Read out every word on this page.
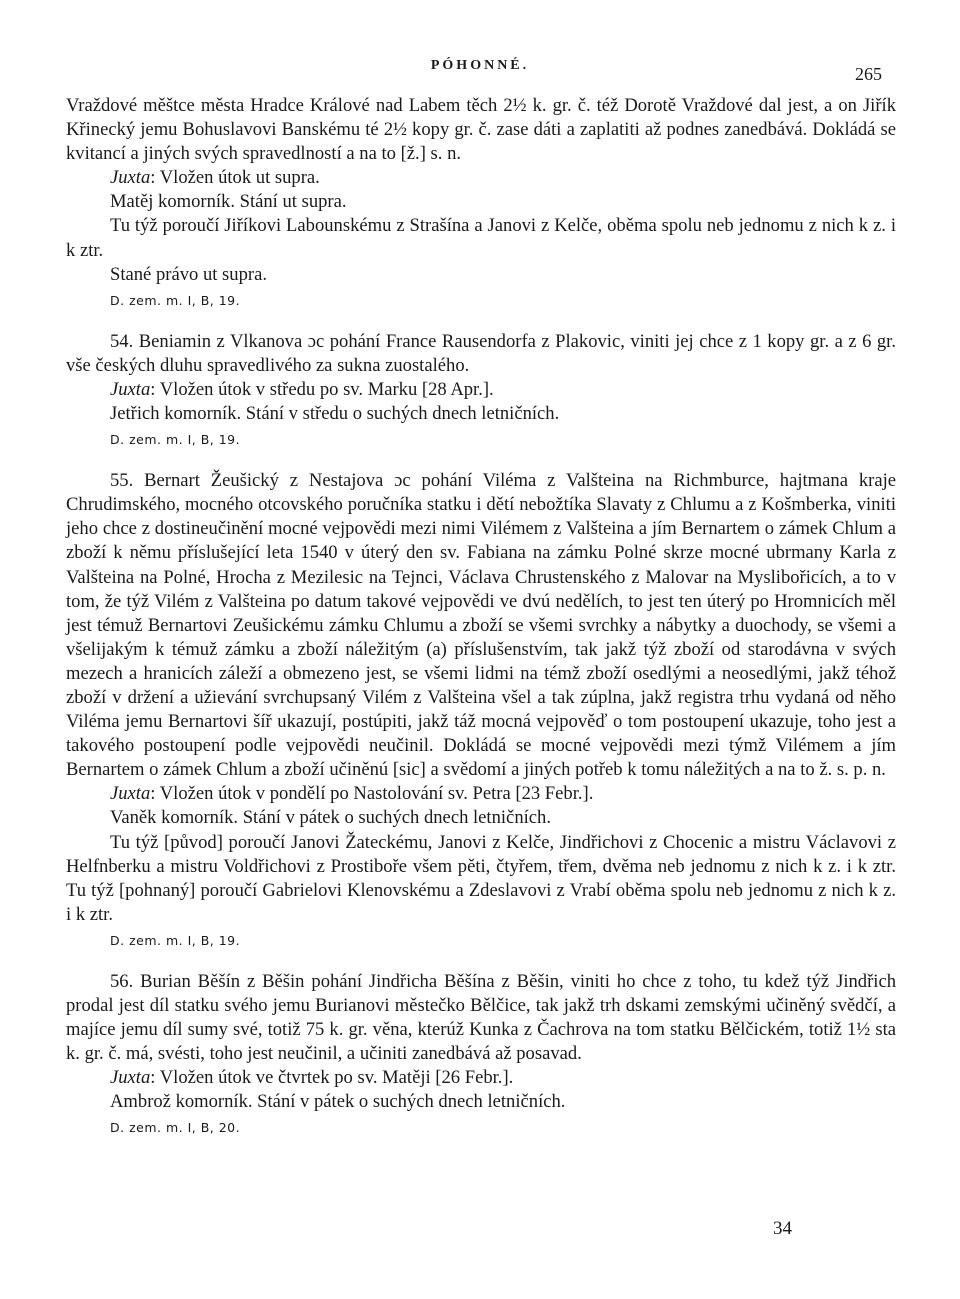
PÓHONNÉ.	265

Vraždové měštce města Hradce Králové nad Labem těch 2½ k. gr. č. též Dorotě Vraždové dal jest, a on Jiřík Křinecký jemu Bohuslavovi Banskému té 2½ kopy gr. č. zase dáti a zaplatiti až podnes zanedbává. Dokládá se kvitancí a jiných svých spravedlností a na to [ž.] s. n.

Juxta: Vložen útok ut supra.

Matěj komorník. Stání ut supra.

Tu týž poroučí Jiříkovi Labounskému z Strašína a Janovi z Kelče, oběma spolu neb jednomu z nich k z. i k ztr.

Stané právo ut supra.

D. zem. m. I, B, 19.

54. Beniamin z Vlkanova ɔc pohání France Rausendorfa z Plakovic, viniti jej chce z 1 kopy gr. a z 6 gr. vše českých dluhu spravedlivého za sukna zuostalého.

Juxta: Vložen útok v středu po sv. Marku [28 Apr.].

Jetřich komorník. Stání v středu o suchých dnech letničních.

D. zem. m. I, B, 19.

55. Bernart Žeušický z Nestajova ɔc pohání Viléma z Valšteina na Richmburce, hajtmana kraje Chrudimského, mocného otcovského poručníka statku i dětí nebožtíka Slavaty z Chlumu a z Košmberka, viniti jeho chce z dostineučinění mocné vejpovědi mezi nimi Vilémem z Valšteina a jím Bernartem o zámek Chlum a zboží k němu příslušející leta 1540 v úterý den sv. Fabiana na zámku Polné skrze mocné ubrmany Karla z Valšteina na Polné, Hrocha z Mezilesic na Tejnci, Václava Chrustenského z Malovar na Myslibořicích, a to v tom, že týž Vilém z Valšteina po datum takové vejpovědi ve dvú nedělích, to jest ten úterý po Hromnicích měl jest témuž Bernartovi Zeušickému zámku Chlumu a zboží se všemi svrchky a nábytky a duochody, se všemi a všelijakým k témuž zámku a zboží náležitým (a) příslušenstvím, tak jakž týž zboží od starodávna v svých mezech a hranicích záleží a obmezeno jest, se všemi lidmi na témž zboží osedlými a neosedlými, jakž téhož zboží v držení a užievání svrchupsaný Vilém z Valšteina všel a tak zúplna, jakž registra trhu vydaná od něho Viléma jemu Bernartovi šíř ukazují, postúpiti, jakž táž mocná vejpověď o tom postoupení ukazuje, toho jest a takového postoupení podle vejpovědi neučinil. Dokládá se mocné vejpovědi mezi týmž Vilémem a jím Bernartem o zámek Chlum a zboží učiněnú [sic] a svědomí a jiných potřeb k tomu náležitých a na to ž. s. p. n.

Juxta: Vložen útok v pondělí po Nastolování sv. Petra [23 Febr.].

Vaněk komorník. Stání v pátek o suchých dnech letničních.

Tu týž [původ] poroučí Janovi Žateckému, Janovi z Kelče, Jindřichovi z Chocenic a mistru Václavovi z Helfnberku a mistru Voldřichovi z Prostiboře všem pěti, čtyřem, třem, dvěma neb jednomu z nich k z. i k ztr. Tu týž [pohnaný] poroučí Gabrielovi Klenovskému a Zdeslavovi z Vrabí oběma spolu neb jednomu z nich k z. i k ztr.

D. zem. m. I, B, 19.

56. Burian Běšín z Běšin pohání Jindřicha Běšína z Běšin, viniti ho chce z toho, tu kdež týž Jindřich prodal jest díl statku svého jemu Burianovi městečko Bělčice, tak jakž trh dskami zemskými učiněný svědčí, a majíce jemu díl sumy své, totiž 75 k. gr. věna, kterúž Kunka z Čachrova na tom statku Bělčickém, totiž 1½ sta k. gr. č. má, svésti, toho jest neučinil, a učiniti zanedbává až posavad.

Juxta: Vložen útok ve čtvrtek po sv. Matěji [26 Febr.].

Ambrož komorník. Stání v pátek o suchých dnech letničních.

D. zem. m. I, B, 20.

34
